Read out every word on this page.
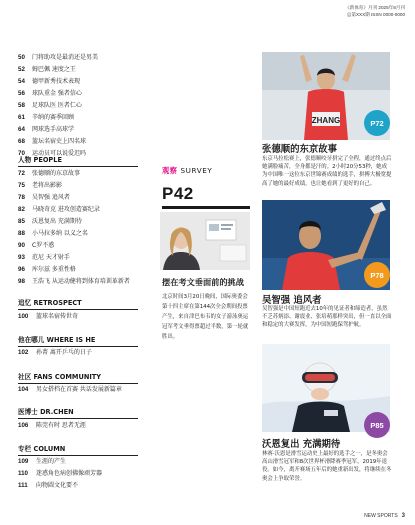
《新体育》月刊 2025年8月刊
总第XXX期 ISSN 0000-0000
50	门将助攻是最消还是男美
52	姆巴佩 速度之王
54	德甲新秀技术表现
56	球队重金 强者信心
58	足球队医 医者仁心
61	辛纳的赛季回顾
64	网球选手高球学
68	篮坛名宿史上四名球
70	运动员可以说爱迟吗
人物 PEOPLE
72	张德顺的东京故事
75	老将出影影
78	吴智强 追风者
82	马晓奇克 进攻创造赛纪录
85	沃恩复出 充满期待
88	小马拉多纳 以义之名
90	C罗不惑
93	范尼 天才射手
96	库尔兹 多重性格
98	王浩飞 从运动健将到体育培训革新者
追忆 RETROSPECT
100	篮球名宿传世奇
他在哪儿 WHERE IS HE
102	孙菁 离开乒乓的日子
社区 FANS COMMUNITY
104	男女搭档在首赛 共话发展新篇章
医博士 DR.CHEN
106	陈莞有时 思者无涯
专栏 COLUMN
109	生涯的产生
110	迷惑角色病创佛像顽芳器
111	向物圆文化要不
观察 SURVEY
P42
摆在考文垂面前的挑战
北京时间3月20日晚间，国际奥委会第十四主席在第144次全会期间投票产生，来自津巴布韦的女子游泳奥运冠军考文垂得票超过半数，第一轮就胜出。
ZHANG	P72
张德顺的东京故事
东京马拉松赛上，张德顺咬牙拼完了全程，通过终点后她满脸痛苦，全身都是汗的。2小时20分53秒，她成为中国唯一这位东京世锦赛成绩的选手，拼搏大极宽提高了她的最好成绩，也让她看到了更好的自己。
P78
吴智强 追风者
吴智强是中国短跑近去10年的见证者和缔造者，虽然不乏苏炳添、谢震业、张培萌那样突出，但一直以全面和稳定的大赛发挥，为中国短跑保驾护航。
P85
沃恩复出 充满期待
林赛·沃恩是滑雪运动史上最好的选手之一，是冬奥会高山滑雪冠军和8次世界杯滑降赛季冠军，2019年退役。如今，离开赛场五年后的她重新出发，将继续在冬奥会上争取荣誉。
NEW SPORTS 3
